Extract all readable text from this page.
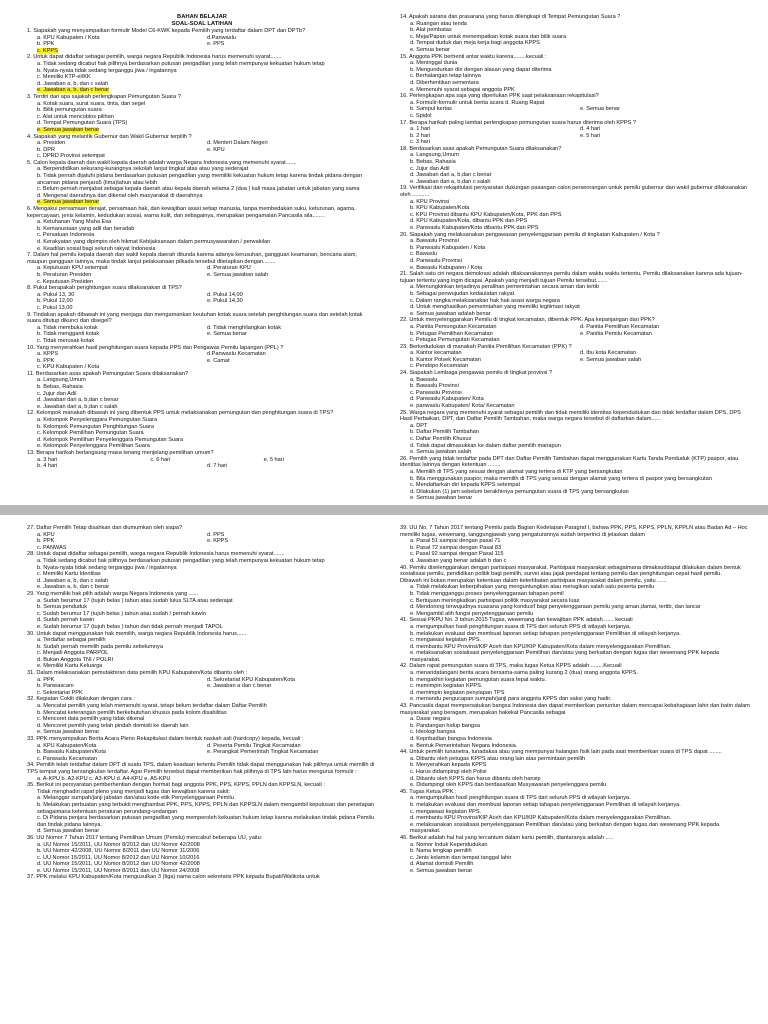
BAHAN BELAJAR
SOAL-SOAL LATIHAN
1. Siapakah yang menyampaikan formulir Model C6-KWK kepada Pemilih yang terdaftar dalam DPT dan DPTb?
a. KPU Kabupaten / Kota	d.Panwaslu
b. PPK	e. PPS
c. KPPS
2. Untuk dapat didaftar sebagai pemilih, warga negara Republik Indonesia harus memenuhi syarat.......
a. Tidak sedang dicabut hak pilihnya berdasarkan putusan pengadilan yang telah mempunyai kekuatan hukum tetap
b. Nyata-nyata tidak sedang terganggu jiwa / ingatannya
c. Memiliki KTP-el/KK
d. Jawaban a, b, dan c salah
e. Jawaban a, b, dan c benar
3. Terdiri dari apa sajakah perlengkapan Pemungutan Suara ?
a. Kotak suara, surat suara, tinta, dan segel
b. Bilik pemungutan suara
c. Alat untuk mencoblos pilihan
d. Tempat Pemungutan Suara (TPS)
e. Semua jawaban benar
4. Siapakah yang melantik Gubernur dan Wakil Gubernur terpilih ?
a. Presiden	d. Menteri Dalam Negeri
b. DPR	e. KPU
c. DPRD Provinsi setempat
5. Calon kepala daerah dan wakil kepala daerah adalah warga Negara Indonesia yang memenuhi syarat.......
a. Berpendidikan sekurang-kurangnya sekolah lanjut tingkat atas atau yang sederajat
b. Tidak pernah dijatuhi pidana berdasarkan putusan pengadilan yang memiliki kekuatan hukum tetap karena tindak pidana dengan ancaman pidana penjara5 (lima)tahun atau lebih
c. Belum pernah menjabat sebagai kepala daerah atau kepala daerah selama 2 (dua ) kali masa jabatan untuk jabatan yang sama
d. Mengenal daerahnya dan dikenal oleh masyarakat di daerahnya
e. Semua jawaban benar
6. Mengakui persamaan derajat, persamaan hak, dan kewajiban asasi setiap manusia, tanpa membedakan suku, keturunan, agama, kepercayaan, jenis kelamin, kedudukan sosial, warna kulit, dan sebagainya, merupakan pengamalan Pancasila sila........
a. Ketuhanan Yang Maha Esa
b. Kemanusiaan yang adil dan beradab
c. Persatuan Indonesia
d. Kerakyatan yang dipimpin oleh hikmat Kebijaksanaan dalam permusyawaratan / perwakilan
e. Keadilan sosial bagi seluruh rakyat Indonesia
7. Dalam hal pemilu kepala daerah dan wakil kepala daerah ditunda karena adanya kerusuhan, gangguan keamanan, bencana alam, maupun gangguan lainnya, maka tindak lanjut pelaksanaan pilkada tersebut ditetapkan dengan........
a. Keputusan KPU setempat	d. Peraturan KPU
b. Peraturan Presiden	e. Semua jawaban salah
c. Keputusan Presiden
8. Pukul berapakah penghitungan suara dilaksanakan di TPS?
a. Pukul 13, 30	d. Pukul 14,00
b. Pukul 12,00	e. Pukul 14,30
c. Pukul 13,00
9. Tindakan apakah dibawah ini yang menjaga dan mengamankan keutuhan kotak suara setelah penghitungan suara dan setelah kotak suara ditutup dikunci dan disegel?
a. Tidak membuka kotak	d. Tidak menghilangkan kotak
b. Tidak mengganti kotak	e. Semua benar
c. Tidak merusak kotak
10. Yang menyerahkan hasil penghitungan suara kepada PPS dan Pengawas Pemilu lapangan (PPL) ?
a. KPPS	d.Panwaslu Kecamatan
b. PPK	e. Camat
c. KPU Kabupaten / Kota
11. Berdasarkan asas apakah Pemungutan Suara dilaksanakan?
a. Langsung,Umum
b. Bebas, Rahasia
c. Jujur dan Adil
d. Jawaban dari a, b,dan c benar
e. Jawaban dari a, b,dan c salah
12. Kelompok manakah dibawah ini yang dibentuk PPS untuk melaksanakan pemungutan dan penghitungan suara di TPS?
a. Kelompok Penyelenggara Pemungutan Suara
b. Kelompok Pemungutan Penghitungan Suara
c. Kelompok Pemilihan Pemungutan Suara
d. Kelompok Pemilihan Penyelenggara Pemungutan Suara
e. Kelompok Penyelenggara Pemilihan Suara
13. Berapa harikah berlangsung masa tenang menjelang pemilihan umum?
a. 3 hari	c. 6 hari	e. 5 hari
b. 4 hari	d. 7 hari
14. Apakah sarana dan prasarana yang harus dilengkapi di Tempat Pemungutan Suara ?
a. Ruangan atau tenda
b. Alat pembatas
c. Meja/Papan untuk menempatkan kotak suara dan bilik suara
d. Tempat duduk dan meja kerja bagi anggota KPPS
e. Semua benar
15. Anggota PPK berhenti antar waktu karena........kecuali :
a. Meninggal dunia
b. Mengundurkan diri dengan alasan yang dapat diterima
c. Berhalangan tetap lainnya
d. Diberhentikan sementara
e. Memenuhi syarat sebagai anggota PPK
16. Perlengkapan apa saja yang diperlukan PPK saat pelaksanaan rekapitulasi?
a. Formulir-formulir untuk berita acara d. Ruang Rapat
b. Sampul kertas	e. Semua benar
c. Spidol
17. Berapa harikah paling lambat perlengkapan pemungutan suara harus diterima oleh KPPS ?
a. 1 hari	d. 4 hari
b. 2 hari	e. 5 hari
c. 3 hari
18. Berdasarkan asas apakah Pemungutan Suara dilaksanakan?
a. Langsung,Umum
b. Bebas, Rahasia
c. Jujur dan Adil
d. Jawaban dari a, b,dan c benar
e. Jawaban dari a, b,dan c salah
19. Verifikasi dan rekapitulasi persyaratan dukungan pasangan calon perseorangan untuk pemilu gubernur dan wakil gubernur dilaksanakan oleh ...........
a. KPU Provinsi
b. KPU Kabupaten/Kota
c. KPU Provinsi dibantu KPU Kabupaten/Kota, PPK dan PPS
d. KPU Kabupaten/Kota, dibantu PPK dan PPS
e. Panwaslu Kabupaten/Kota dibantu PPK dan PPS
20. Siapakah yang melaksanakan pengawasan penyelenggaraan pemilu di tingkatan Kabupaten / Kota ?
a. Bawaslu Provinsi
b. Panwaslu Kabupaten / Kota
c. Bawaslu
d. Panwaslu Provinsi
e. Bawaslu Kabupaten / Kota
21. Salah satu ciri negara demokrasi adalah dilaksanakannya pemilu dalam waktu waktu tertentu. Pemilu dilaksanakan karena ada tujuan-tujuan tertentu yang ingin dicapai. Apakah yang menjadi tujuan Pemilu tersebut.......
a. Memungkinkan terjadinya peralihan pemerintahan secara aman dan tertib
b. Sebagai penwujudan kedaulatan rakyat
c. Dalam rangka melaksanakan hak hak asasi warga negara
d. Untuk menghasilkan pemerintahan yang memiliki legitimasi rakyat
e. Semua jawaban adalah benar
22. Untuk menyelenggarakan Pemilu di tingkat kecamatan, dibentuk PPK. Apa kepanjangan dari PPK?
a. Panitia Pemungutan Kecamatan	d. Panitia Pemilihan Kecamatan
b. Petugas Pemilihan Kecamatan	e. Panitia Pemilu Kecamatan
c. Petugas Pemungutan Kecamatan
23. Berkedudukan di manakah Panitia Pemilihan Kecamatan (PPK) ?
a. Kantor kecamatan	d. Ibu kota Kecamatan
b. Kantor Polsek Kecamatan	e. Semua jawaban salah
c. Pendopo Kecamatan
24. Siapakah Lembaga pengawas pemilu di tingkat provinsi ?
a. Bawaslu
b. Bawaslu Provinsi
c. Panwaslu Provinsi
d. Panwaslu Kabupaten/ Kota
e. panwaslu Kabupaten/ Kota/ Kecamatan
25. Warga negara yang memenuhi syarat sebagai pemilih dan tidak memiliki identitas kependudukan dan tidak terdaftar dalam DPS, DPS Hasil Perbaikan, DPT, dan Daftar Pemilih Tambahan, maka warga negara tersebut di daftarkan dalam......
a. DPT
b. Daftar Pemilih Tambahan
c. Daftar Pemilih Khusus
d. Tidak dapat dimasukkan ke dalam daftar pemilih manapun
e. Semua jawaban salah
26. Pemilih yang tidak terdaftar pada DPT dan Daftar Pemilih Tambahan dapat menggunakan Kartu Tanda Penduduk (KTP) paspor, atau identitas lainnya dengan ketentuan ........
a. Memilih di TPS yang sesuai dengan alamat yang tertera di KTP yang bersangkutan
b. Bila menggunakan paspor, maka memilih di TPS yang sesuai dengan alamat yang tertera di paspor yang bersangkutan
c. Mendaftarkan diri kepada KPPS setempat
d. Dilakukan (1) jam sebelum berakhirnya pemungutan suara di TPS yang bersangkutan
e. Semua jawaban benar
27. Daftar Pemilih Tetap disahkan dan diumumkan oleh siapa?
a. KPU	d. PPS
b. PPK	e. KPPS
c. PANWAS
28. Untuk dapat didaftar sebagai pemilih, warga negara Republik Indonesia harus memenuhi syarat.......
a. Tidak sedang dicabut hak pilihnya berdasarkan putusan pengadilan yang telah mempunyai kekuatan hukum tetap
b. Nyata-nyata tidak sedang terganggu jiwa / ingatannya
c. Memiliki Kartu Identitas
d. Jawaban a, b, dan c salah
e. Jawaban a, b, dan c benar
29. Yang memiliki hak pilih adalah warga Negara Indonesia yang ......
a. Sudah berumur 17 (tujuh belas ) tahun atau sudah lulus SLTA atau sederajat
b. Semua penduduk
c. Sudah berumur 17 (tujuh belas ) tahun atau sudah / pernah kawin
d. Sudah pernah kawin
e. Sudah berumur 17 (tujuh belas ) tahun dan tidak pernah menjadi TAPOL
30. Untuk dapat menggunakan hak memilih, warga negara Republik Indonesia harus......
a. Terdaftar sebagai pemilih
b. Sudah pernah memilih pada pemilu sebelumnya
c. Menjadi Anggota PARPOL
d. Bukan Anggota TNI / POLRI
e. Memiliki Kartu Keluarga
31. Dalam melaksanakan pemutakhiran data pemilih KPU Kabupaten/Kota dibantu oleh :
a. PPK	d. Sekretariat KPU Kabupaten/Kota
b. Panwascam	e. Jawaban a dan c benar
c. Sekretariat PPK
32. Kegiatan Coklit dilakukan dengan cara :
a. Mencatat pemilih yang telah memenuhi syarat, tetapi belum terdaftar dalam Daftar Pemilih
b. Mencatat keterangan pemilih berkebutuhan khusus pada kolom disabilitas
c. Mencoret data pemilih yang tidak dikenal
d. Mencoret pemilih yang telah pindah domisili ke daerah lain
e. Semua jawaban benar
33. PPK menyampaikan Berita Acara Pleno Rekapitulasi dalam bentuk naskah asli (hardcopy) kepada, kecuali :
a. KPU Kabupaten/Kota	d. Peserta Pemilu Tingkat Kecamatan
b. Bawaslu Kabupaten/Kota	e. Perangkat Pemerintah Tingkat Kecamatan
c. Panwaslu Kecamatan
34. Pemilih telah terdaftar dalam DPT di suatu TPS, dalam keadaan tertentu Pemilih tidak dapat menggunakan hak pilihnya untuk memilih di TPS tempat yang bersangkutan terdaftar. Agar Pemilih tersebut dapat memberikan hak pilihnya di TPS lain harus mengurus formulir :
a. A-KPU b. A2-KPU c. A3-KPU d. A4-KPU e. A5-KPU
35. Berikut ini persyaratan pemberhentian dengan hormat bagi anggota PPK, PPS, KPPS, PPLN dan KPPSLN, kecuali :
Tidak menghadiri rapat pleno yang menjadi tugas dan kewajiban karena sakit;
a. Melanggar sumpah/janji jabatan dan/atau kode etik Penyelenggaraan Pemilu
b. Melakukan perbuatan yang terbukti menghambat PPK, PPS, KPPS, PPLN dan KPPSLN dalam mengambil keputusan dan penetapan sebagaimana ketentuan peraturan perundang-undangan
c. Di Pidana penjara berdasarkan putusan pengadilan yang memperoleh kekuatan hukum tetap karena melakukan tindak pidana Pemilu dan tindak pidana lainnya.
d. Semua jawaban benar
36. UU Nomor 7 Tahun 2017 tentang Pemilihan Umum (Pemilu) mencabut beberapa UU, yaitu:
a. UU Nomor 15/2011, UU Nomor 8/2012 dan UU Nomor 42/2008
b. UU Nomor 42/2008, UU Nomor 8/2011 dan UU Nomor 11/2006
c. UU Nomor 15/2011, UU Nomor 8/2012 dan UU Nomor 10/2016
d. UU Nomor 15/2011, UU Nomor 8/2012 dan UU Nomor 42/2008
e. UU Nomor 15/2011, UU Nomor 8/2011 dan UU Nomor 24/2008
37. PPK melalui KPU Kabupaten/Kota mengusulkan 3 (tiga) nama calon sekretaris PPK kepada Bupati/Walikota untuk
39. UU No. 7 Tahun 2017 tentang Pemilu pada Bagian Kedelapan Paragraf I, bahwa PPK, PPS, KPPS, PPLN, KPPLN atau Badan Ad – Hoc memiliki tugas, wewenang, tanggungjawab yang pengaturannya sudah terperinci di jelaskan dalam
a. Pasal 51 sampai dengan pasal 71
b. Pasal 72 sampai dengan Pasal 83
c. Pasal 92 sampai dengan Pasal 115
d. Jawaban yang benar adalah b dan c
40. Pemilu diselenggarakan dengan partisipasi masyarakat. Partisipasi masyarakat sebagaimana dimaksuddapat dilakukan dalam bentuk sosialisasi pemilu, pendidikan politik bagi pemilih, survei atau jajak pendapat tentang pemilu dan penghitungan cepat hasil pemilu.
Dibawah ini bukan merupakan ketentuan dalam keterlibatan partisipasi masyarakat dalam pemilu, yaitu ......
a. Tidak melakukan keberpihakan yang menguntungkan atau merugikan salah satu peserta pemilu
b. Tidak mengganggu proses penyelenggaraan tahapan pemil
c. Bertujuan meningkatkan partisipasi politik masyarakat secara luas
d. Mendorong terwujudnya suasana yang kondusif bagi penyelenggaraan pemilu yang aman,damai, tertib, dan lancar
e. Mengambil alih fungsi penyelenggaraan pemilu
41. Sesuai PKPU No. 3 tahun 2015 Tugas, wewenang dan kewajiban PPK adalah....... kecuali
a. mengumpulkan hasil penghitungan suara di TPS dari seluruh PPS di wilayah kerjanya.
b. melakukan evaluasi dan membuat laporan setiap tahapan penyelenggaraan Pemilihan di wilayah kerjanya.
c. mengawasi kegiatan PPS.
d. membantu KPU Provinsi/KIP Aceh dan KPU/KIP Kabupaten/Kota dalam menyelenggarakan Pemilihan.
e. melaksanakan sosialisasi penyelenggaraan Pemilihan dan/atau yang berkaitan dengan tugas dan wewenang PPK kepada masyarakat.
42. Dalam rapat pemungutan suara di TPS, maka tugas Ketua KPPS adalah ........Kecuali
a. menandatangani berita acara bersama-sama paling kurang 2 (dua) orang anggota KPPS.
b. mengakhiri kegiatan pemungutan suara tepat waktu.
c. memimpin kegiatan KPPS.
d. memimpin kegiatan penyiapan TPS
e. memandu pengucapan sumpah/janji para anggota KPPS dan saksi yang hadir.
43. Pancasila dapat mempersatukan bangsa Indonesia dan dapat memberikan penuntun dalam mencapai kebahagiaan lahir dan batin dalam masyarakat yang beragam, merupakan hakekat Pancasila sebagai
a. Dasar negara
b. Pandangan hidup bangsa
c. Ideologi bangsa
d. Kepribadian bangsa Indonesia
e. Bentuk Pemerintahan Negara Indonesia.
44. Untuk pemilih tunanetra, tunadaksa atau yang mempunyai halangan fisik lain pada saat memberikan suara di TPS dapat ........
a. Dibantu oleh petugas KPPS atau orang lain atas permintaan pemilih
b. Menyerahkan kepada KPPS
c. Harus didampingi oleh Polisi
d. Dibantu oleh KPPS dan harus dibantu oleh hansip
e. Didampingi oleh KPPS dan berdasarkan Musyawarah penyelenggara pemilu
45. Tugas Ketua PPK :
a. mengumpulkan hasil penghitungan suara di TPS dari seluruh PPS di wilayah kerjanya.
b. melakukan evaluasi dan membuat laporan setiap tahapan penyelenggaraan Pemilihan di wilayah kerjanya.
c. mengawasi kegiatan PPS.
d. membantu KPU Provinsi/KIP Aceh dan KPU/KIP Kabupaten/Kota dalam menyelenggarakan Pemilihan.
e. melaksanakan sosialisasi penyelenggaraan Pemilihan dan/atau yang berkaitan dengan tugas dan wewenang PPK kepada masyarakat.
46. Berikut adalah hal hal yang tercantum dalam kartu pemilih, diantaranya adalah .....
a. Nomor Induk Kependudukan
b. Nama lengkap pemilih
c. Jenis kelamin dan tempat tanggal lahir
d. Alamat domisili Pemilih
e. Semua jawaban benar
